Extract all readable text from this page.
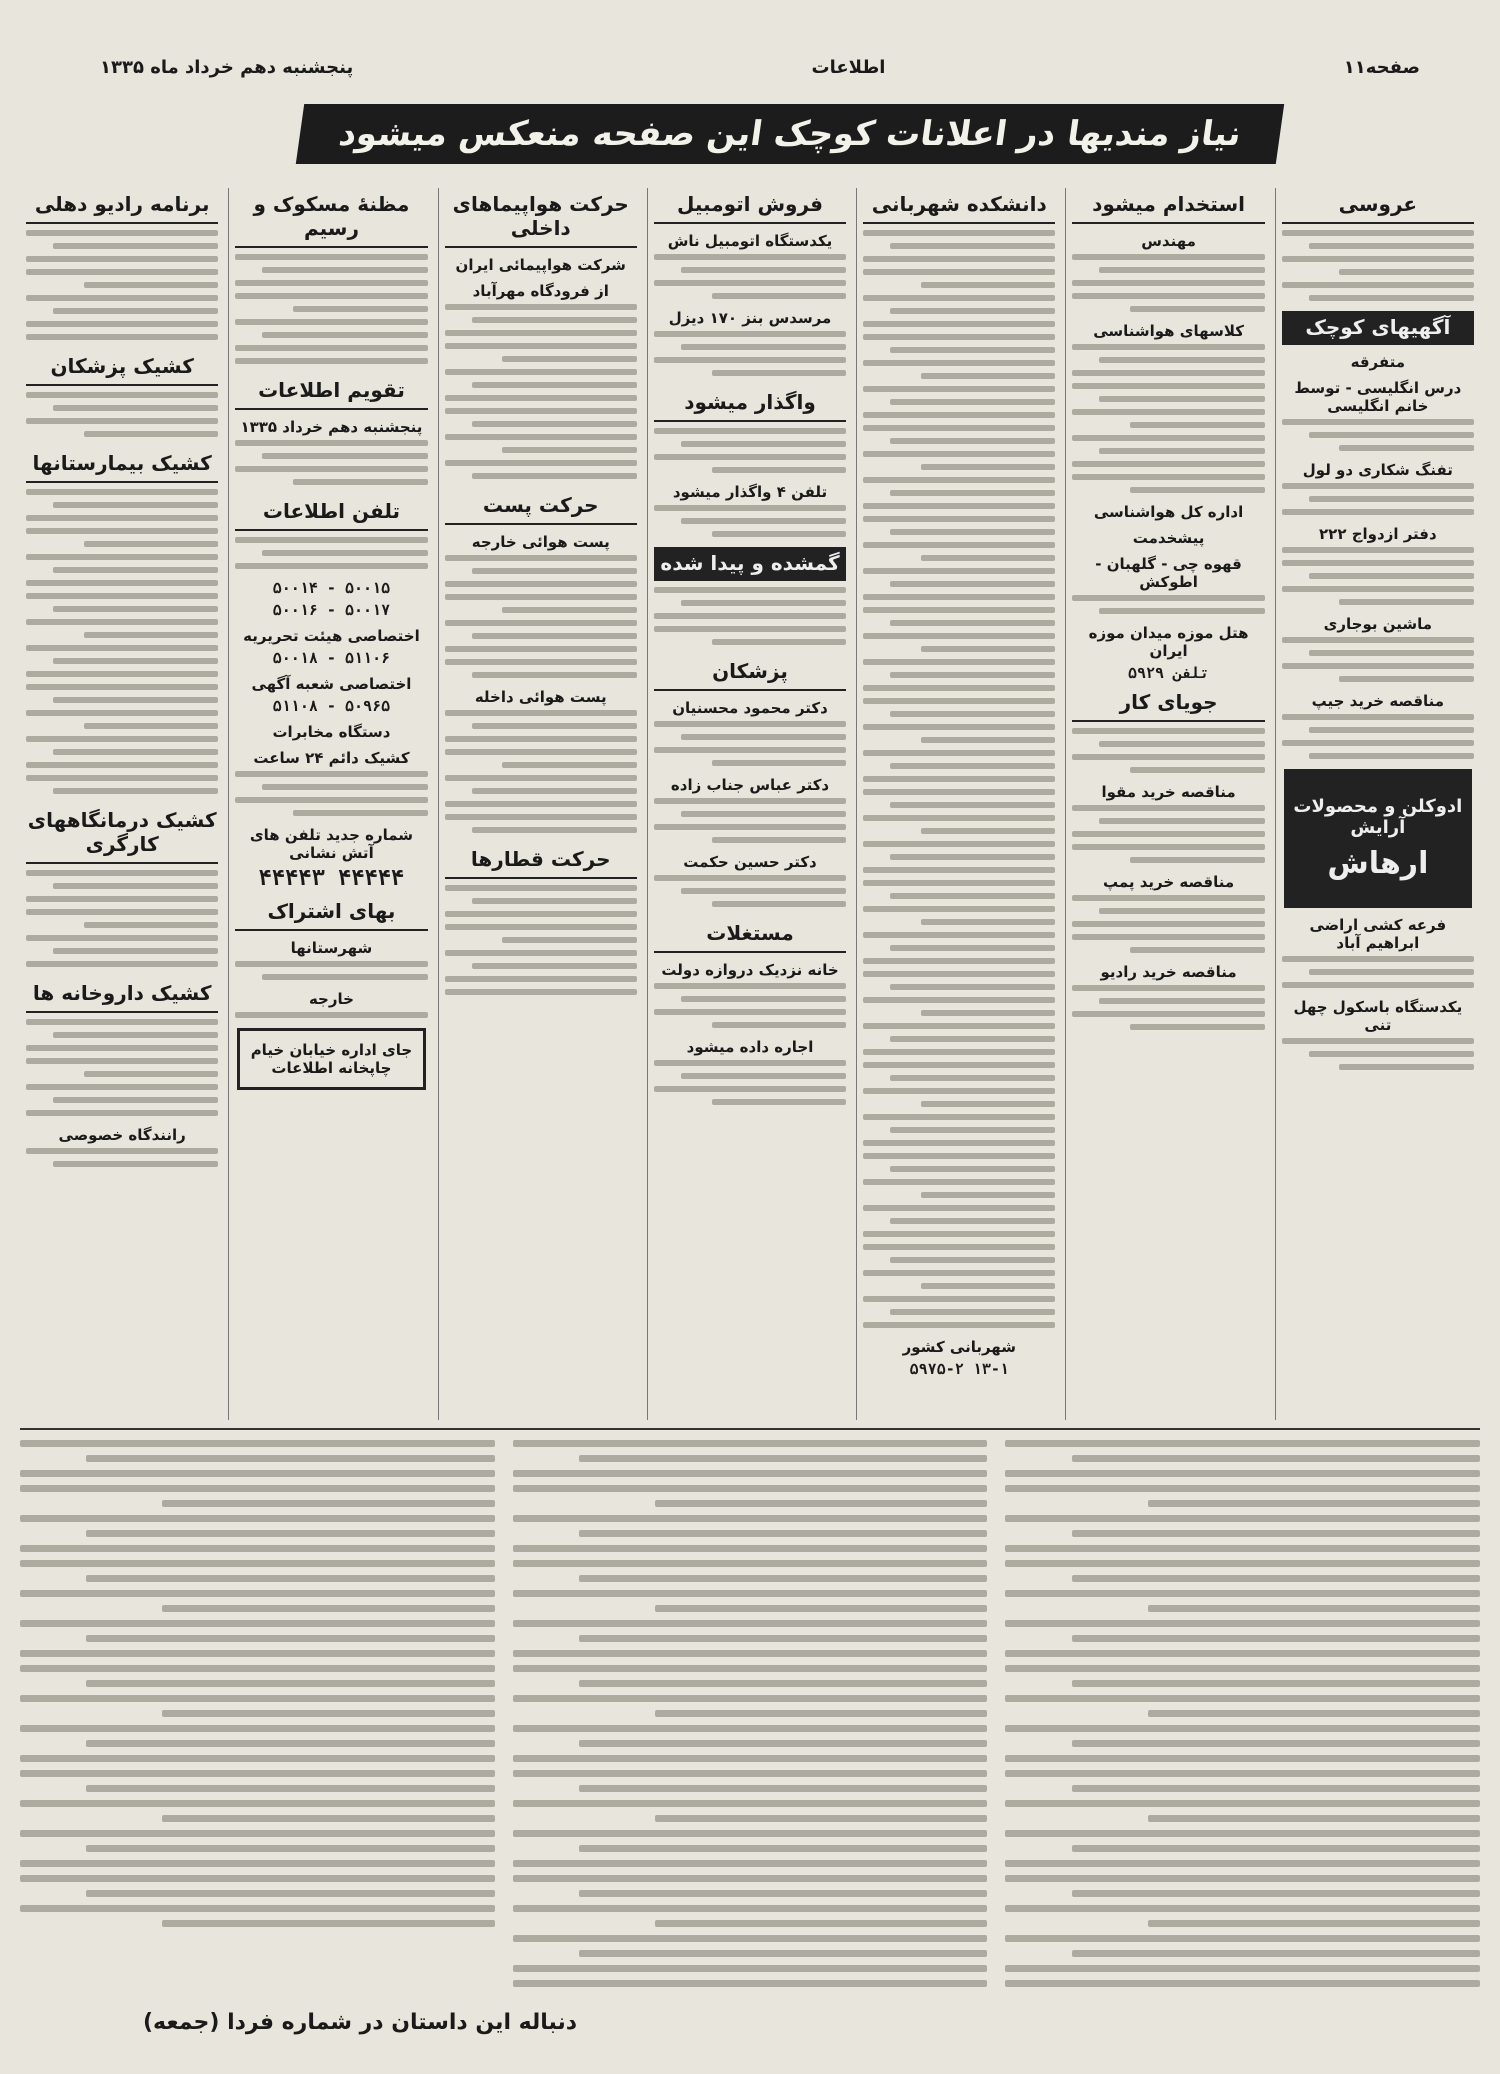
صفحه۱۱
اطلاعات
پنجشنبه دهم خرداد ماه ۱۳۳۵
نیاز مندیها در اعلانات کوچک این صفحه منعکس میشود
عروسی
آگهیهای کوچک
متفرقه
درس انگلیسی - توسط خانم انگلیسی
تفنگ شکاری دو لول
دفتر ازدواج ۲۲۲
ماشین بوجاری
مناقصه خرید جیپ
ادوکلن و محصولات آرایش
ارهاش
فرعه کشی اراضی ابراهیم آباد
یکدستگاه باسکول چهل تنی
استخدام میشود
مهندس
کلاسهای هواشناسی
اداره کل هواشناسی
پیشخدمت
قهوه چی - گلهبان - اطوکش
هتل موزه میدان موزه ایران
تلفن ۵۹۲۹
جویای کار
مناقصه خرید مقوا
مناقصه خرید پمپ
مناقصه خرید رادیو
دانشکده شهربانی
شهربانی کشور
۱۳-۱ ۵۹۷۵-۲
فروش اتومبیل
یکدستگاه اتومبیل ناش
مرسدس بنز ۱۷۰ دیزل
واگذار میشود
تلفن ۴ واگذار میشود
گمشده و پیدا شده
پزشکان
دکتر محمود محسنیان
دکتر عباس جناب زاده
دکتر حسین حکمت
مستغلات
خانه نزدیک دروازه دولت
اجاره داده میشود
حرکت هواپیماهای داخلی
شرکت هواپیمائی ایران
از فرودگاه مهرآباد
حرکت پست
پست هوائی خارجه
پست هوائی داخله
حرکت قطارها
مظنهٔ مسکوک و رسیم
تقویم اطلاعات
پنجشنبه دهم خرداد ۱۳۳۵
تلفن اطلاعات
۵۰۰۱۵ - ۵۰۰۱۴
۵۰۰۱۷ - ۵۰۰۱۶
اختصاصی هیئت تحریریه
۵۱۱۰۶ - ۵۰۰۱۸
اختصاصی شعبه آگهی
۵۰۹۶۵ - ۵۱۱۰۸
دستگاه مخابرات
کشیک دائم ۲۴ ساعت
شماره جدید تلفن های آتش نشانی
۴۴۴۴۴ ۴۴۴۴۳
بهای اشتراک
شهرستانها
خارجه
جای اداره خیابان خیام چاپخانه اطلاعات
برنامه رادیو دهلی
کشیک پزشکان
کشیک بیمارستانها
کشیک درمانگاههای کارگری
کشیک داروخانه ها
رانندگاه خصوصی
دنباله این داستان در شماره فردا (جمعه)
